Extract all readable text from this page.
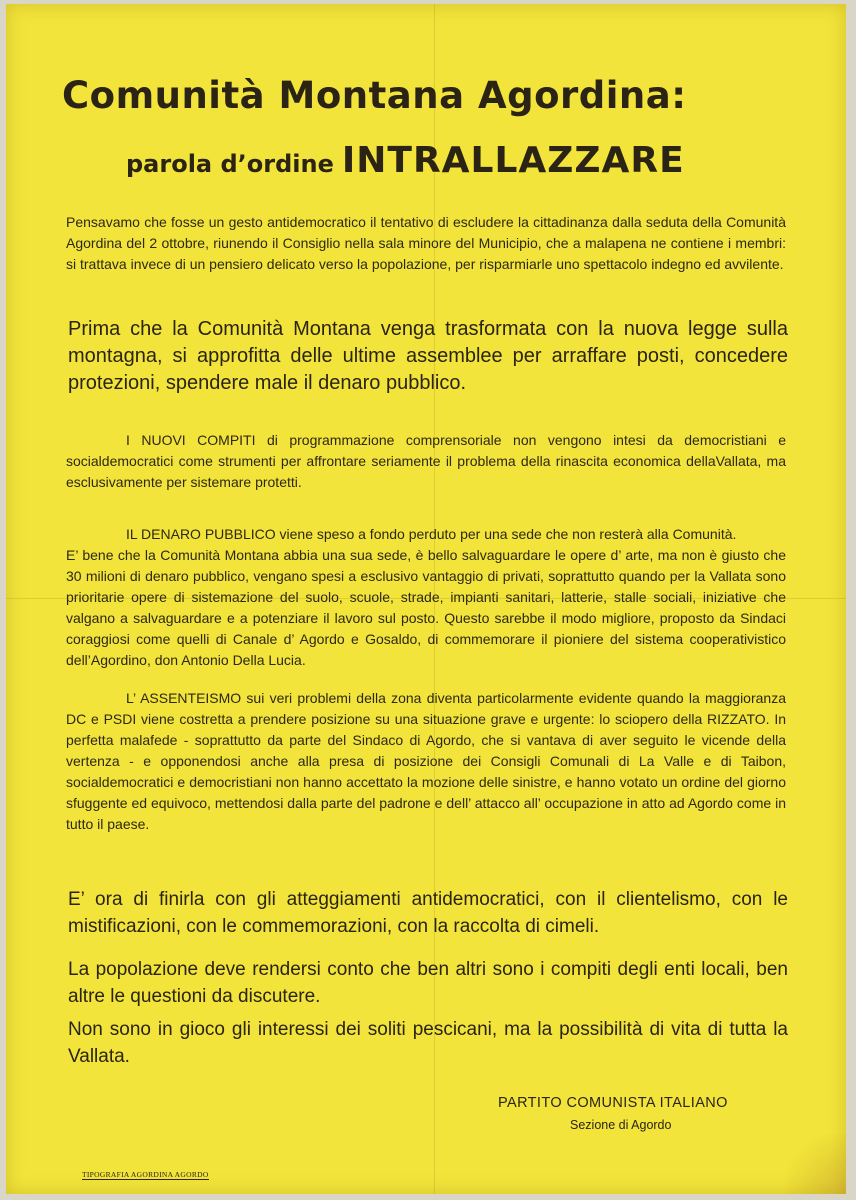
Comunità Montana Agordina:
parola d’ordine INTRALLAZZARE
Pensavamo che fosse un gesto antidemocratico il tentativo di escludere la cittadinanza dalla seduta della Comunità Agordina del 2 ottobre, riunendo il Consiglio nella sala minore del Municipio, che a malapena ne contiene i membri: si trattava invece di un pensiero delicato verso la popolazione, per risparmiarle uno spettacolo indegno ed avvilente.
Prima che la Comunità Montana venga trasformata con la nuova legge sulla montagna, si approfitta delle ultime assemblee per arraffare posti, concedere protezioni, spendere male il denaro pubblico.
I NUOVI COMPITI di programmazione comprensoriale non vengono intesi da democristiani e socialdemocratici come strumenti per affrontare seriamente il problema della rinascita economica dellaVallata, ma esclusivamente per sistemare protetti.
IL DENARO PUBBLICO viene speso a fondo perduto per una sede che non resterà alla Comunità.
E’ bene che la Comunità Montana abbia una sua sede, è bello salvaguardare le opere d’ arte, ma non è giusto che 30 milioni di denaro pubblico, vengano spesi a esclusivo vantaggio di privati, soprattutto quando per la Vallata sono prioritarie opere di sistemazione del suolo, scuole, strade, impianti sanitari, latterie, stalle sociali, iniziative che valgano a salvaguardare e a potenziare il lavoro sul posto. Questo sarebbe il modo migliore, proposto da Sindaci coraggiosi come quelli di Canale d’ Agordo e Gosaldo, di commemorare il pioniere del sistema cooperativistico dell’Agordino, don Antonio Della Lucia.
L’ ASSENTEISMO sui veri problemi della zona diventa particolarmente evidente quando la maggioranza DC e PSDI viene costretta a prendere posizione su una situazione grave e urgente: lo sciopero della RIZZATO. In perfetta malafede - soprattutto da parte del Sindaco di Agordo, che si vantava di aver seguito le vicende della vertenza - e opponendosi anche alla presa di posizione dei Consigli Comunali di La Valle e di Taibon, socialdemocratici e democristiani non hanno accettato la mozione delle sinistre, e hanno votato un ordine del giorno sfuggente ed equivoco, mettendosi dalla parte del padrone e dell’ attacco all’ occupazione in atto ad Agordo come in tutto il paese.
E’ ora di finirla con gli atteggiamenti antidemocratici, con il clientelismo, con le mistificazioni, con le commemorazioni, con la raccolta di cimeli.
La popolazione deve rendersi conto che ben altri sono i compiti degli enti locali, ben altre le questioni da discutere.
Non sono in gioco gli interessi dei soliti pescicani, ma la possibilità di vita di tutta la Vallata.
PARTITO COMUNISTA ITALIANO
Sezione di Agordo
TIPOGRAFIA AGORDINA AGORDO
